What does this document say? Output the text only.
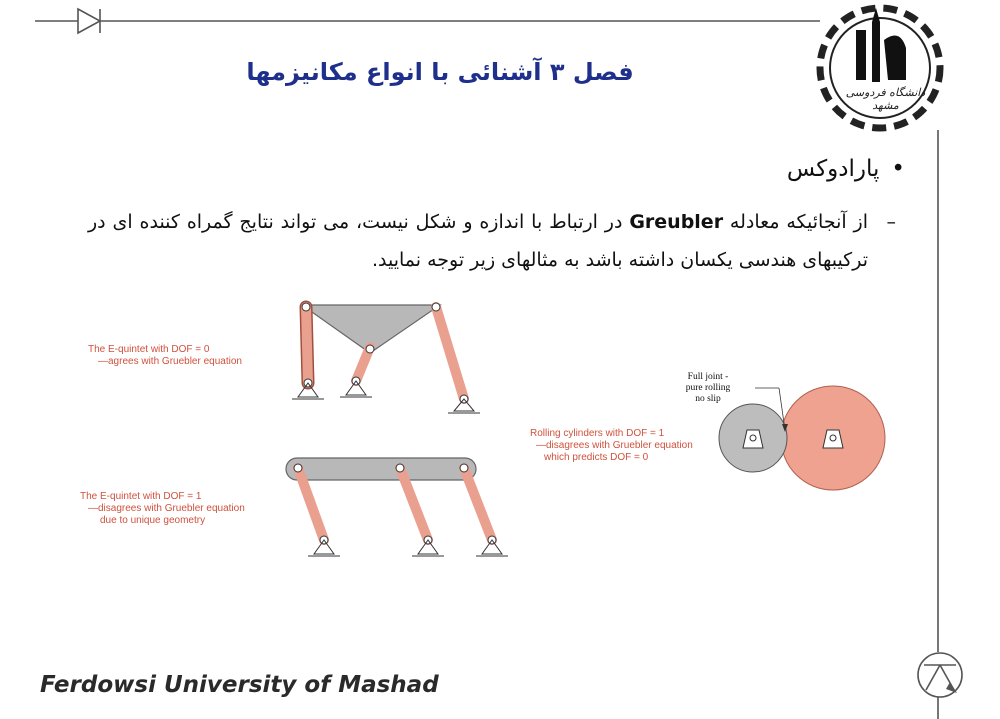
دانشگاه فردوسی مشهد
فصل ۳ آشنائی با انواع مکانیزمها
•پارادوکس
–
از آنجائیکه معادله Greubler در ارتباط با اندازه و شکل نیست، می تواند نتایج گمراه کننده ای در ترکیبهای هندسی یکسان داشته باشد به مثالهای زیر توجه نمایید.
The E-quintet with DOF = 0
—agrees with Gruebler equation
The E-quintet with DOF = 1
—disagrees with Gruebler equation
due to unique geometry
Full joint -
pure rolling
no slip
Rolling cylinders with DOF = 1
—disagrees with Gruebler equation
which predicts DOF = 0
Ferdowsi University of Mashad
